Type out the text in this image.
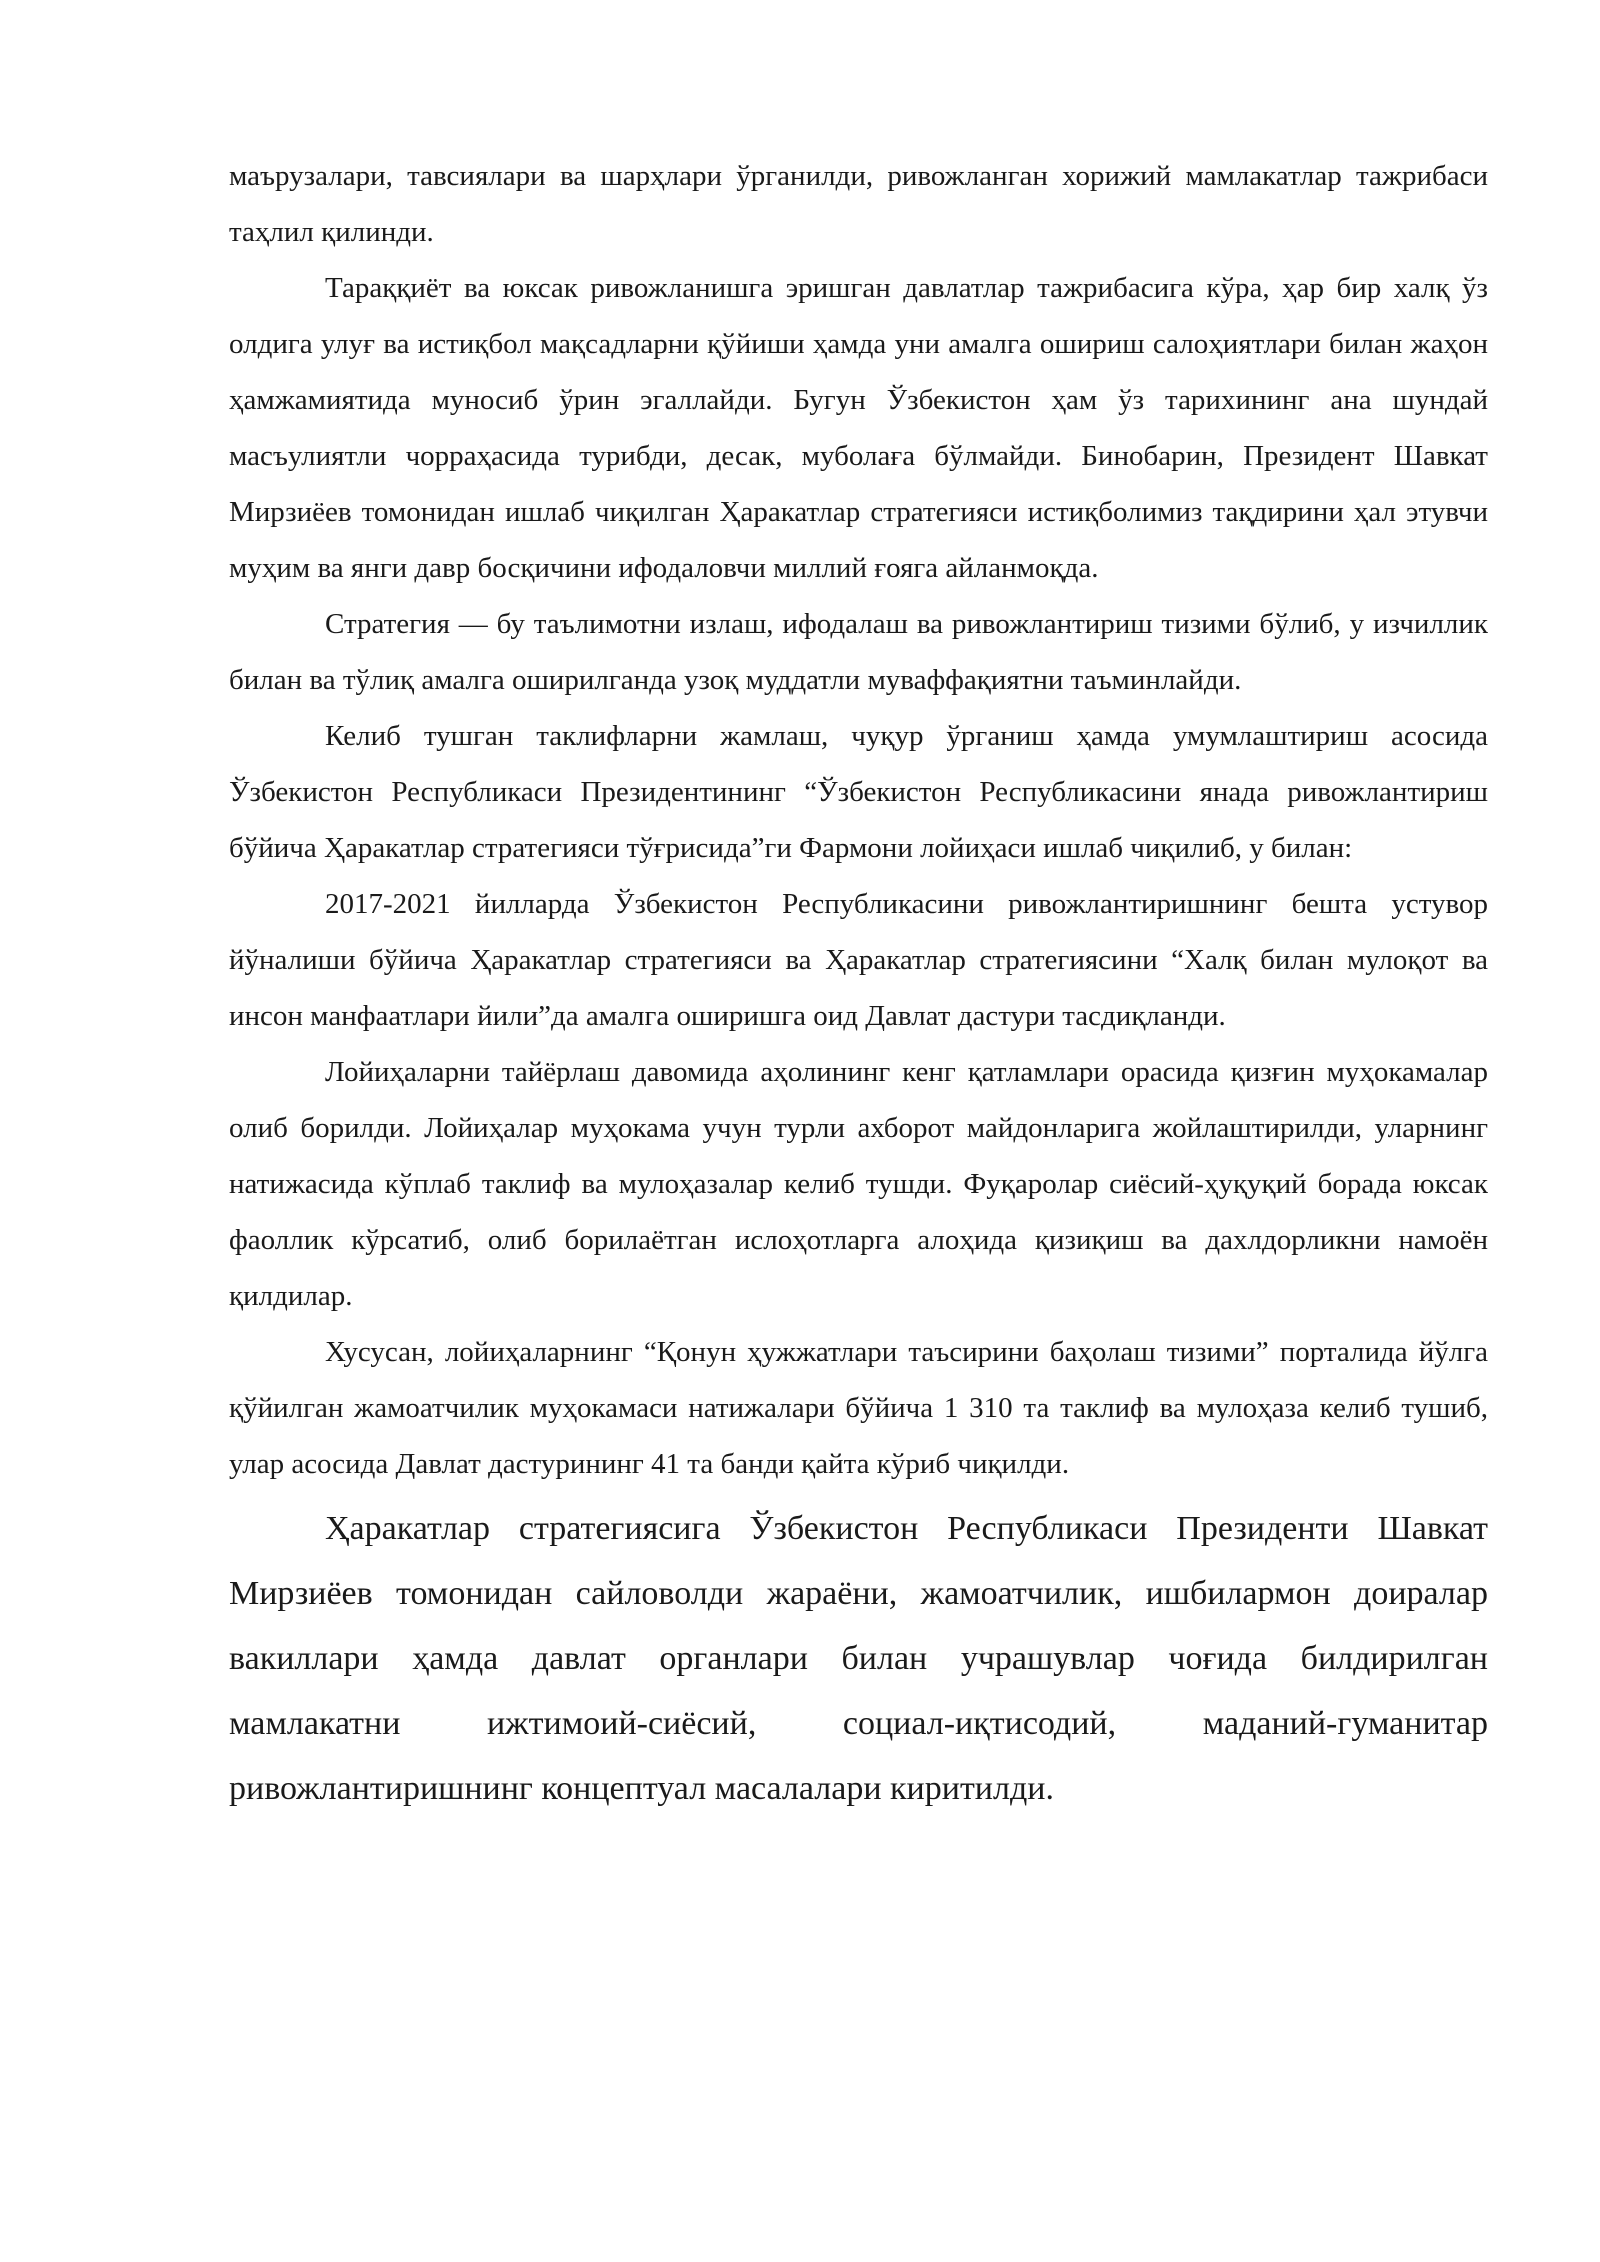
маърузалари, тавсиялари ва шарҳлари ўрганилди, ривожланган хорижий мамлакатлар тажрибаси таҳлил қилинди.

Тараққиёт ва юксак ривожланишга эришган давлатлар тажрибасига кўра, ҳар бир халқ ўз олдига улуғ ва истиқбол мақсадларни қўйиши ҳамда уни амалга ошириш салоҳиятлари билан жаҳон ҳамжамиятида муносиб ўрин эгаллайди. Бугун Ўзбекистон ҳам ўз тарихининг ана шундай масъулиятли чорраҳасида турибди, десак, муболаға бўлмайди. Бинобарин, Президент Шавкат Мирзиёев томонидан ишлаб чиқилган Ҳаракатлар стратегияси истиқболимиз тақдирини ҳал этувчи муҳим ва янги давр босқичини ифодаловчи миллий ғояга айланмоқда.

Стратегия — бу таълимотни излаш, ифодалаш ва ривожлантириш тизими бўлиб, у изчиллик билан ва тўлиқ амалга оширилганда узоқ муддатли муваффақиятни таъминлайди.

Келиб тушган таклифларни жамлаш, чуқур ўрганиш ҳамда умумлаштириш асосида Ўзбекистон Республикаси Президентининг “Ўзбекистон Республикасини янада ривожлантириш бўйича Ҳаракатлар стратегияси тўғрисида”ги Фармони лойиҳаси ишлаб чиқилиб, у билан:

2017-2021 йилларда Ўзбекистон Республикасини ривожлантиришнинг бешта устувор йўналиши бўйича Ҳаракатлар стратегияси ва Ҳаракатлар стратегиясини “Халқ билан мулоқот ва инсон манфаатлари йили”да амалга оширишга оид Давлат дастури тасдиқланди.

Лойиҳаларни тайёрлаш давомида аҳолининг кенг қатламлари орасида қизғин муҳокамалар олиб борилди. Лойиҳалар муҳокама учун турли ахборот майдонларига жойлаштирилди, уларнинг натижасида кўплаб таклиф ва мулоҳазалар келиб тушди. Фуқаролар сиёсий-ҳуқуқий борада юксак фаоллик кўрсатиб, олиб борилаётган ислоҳотларга алоҳида қизиқиш ва дахлдорликни намоён қилдилар.

Хусусан, лойиҳаларнинг “Қонун ҳужжатлари таъсирини баҳолаш тизими” порталида йўлга қўйилган жамоатчилик муҳокамаси натижалари бўйича 1 310 та таклиф ва мулоҳаза келиб тушиб, улар асосида Давлат дастурининг 41 та банди қайта кўриб чиқилди.

Ҳаракатлар стратегиясига Ўзбекистон Республикаси Президенти Шавкат Мирзиёев томонидан сайловолди жараёни, жамоатчилик, ишбилармон доиралар вакиллари ҳамда давлат органлари билан учрашувлар чоғида билдирилган мамлакатни ижтимоий-сиёсий, социал-иқтисодий, маданий-гуманитар ривожлантиришнинг концептуал масалалари киритилди.
